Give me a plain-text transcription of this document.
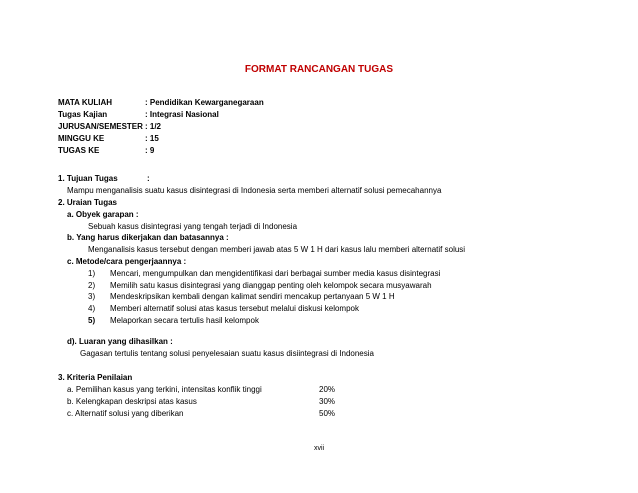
FORMAT RANCANGAN TUGAS
MATA KULIAH	: Pendidikan Kewarganegaraan
Tugas Kajian	: Integrasi Nasional
JURUSAN/SEMESTER : 1/2
MINGGU KE	: 15
TUGAS KE	: 9
1. Tujuan Tugas	:
Mampu menganalisis suatu kasus disintegrasi di Indonesia serta memberi alternatif solusi pemecahannya
2. Uraian Tugas
a. Obyek garapan :
Sebuah kasus disintegrasi yang tengah terjadi di Indonesia
b. Yang harus dikerjakan dan batasannya :
Menganalisis kasus tersebut dengan memberi jawab atas 5 W 1 H dari kasus lalu memberi alternatif solusi
c. Metode/cara pengerjaannya :
1) Mencari, mengumpulkan dan mengidentifikasi dari berbagai sumber media kasus disintegrasi
2) Memilih satu kasus disintegrasi yang dianggap penting oleh kelompok secara musyawarah
3) Mendeskripsikan kembali dengan kalimat sendiri mencakup pertanyaan 5 W 1 H
4) Memberi alternatif solusi atas kasus tersebut melalui diskusi kelompok
5) Melaporkan secara tertulis hasil kelompok
d). Luaran yang dihasilkan :
Gagasan tertulis tentang solusi penyelesaian suatu kasus disiintegrasi di Indonesia
3. Kriteria Penilaian
a. Pemilihan kasus yang terkini, intensitas konflik tinggi	20%
b. Kelengkapan deskripsi atas kasus	30%
c. Alternatif solusi yang diberikan	50%
xvii
